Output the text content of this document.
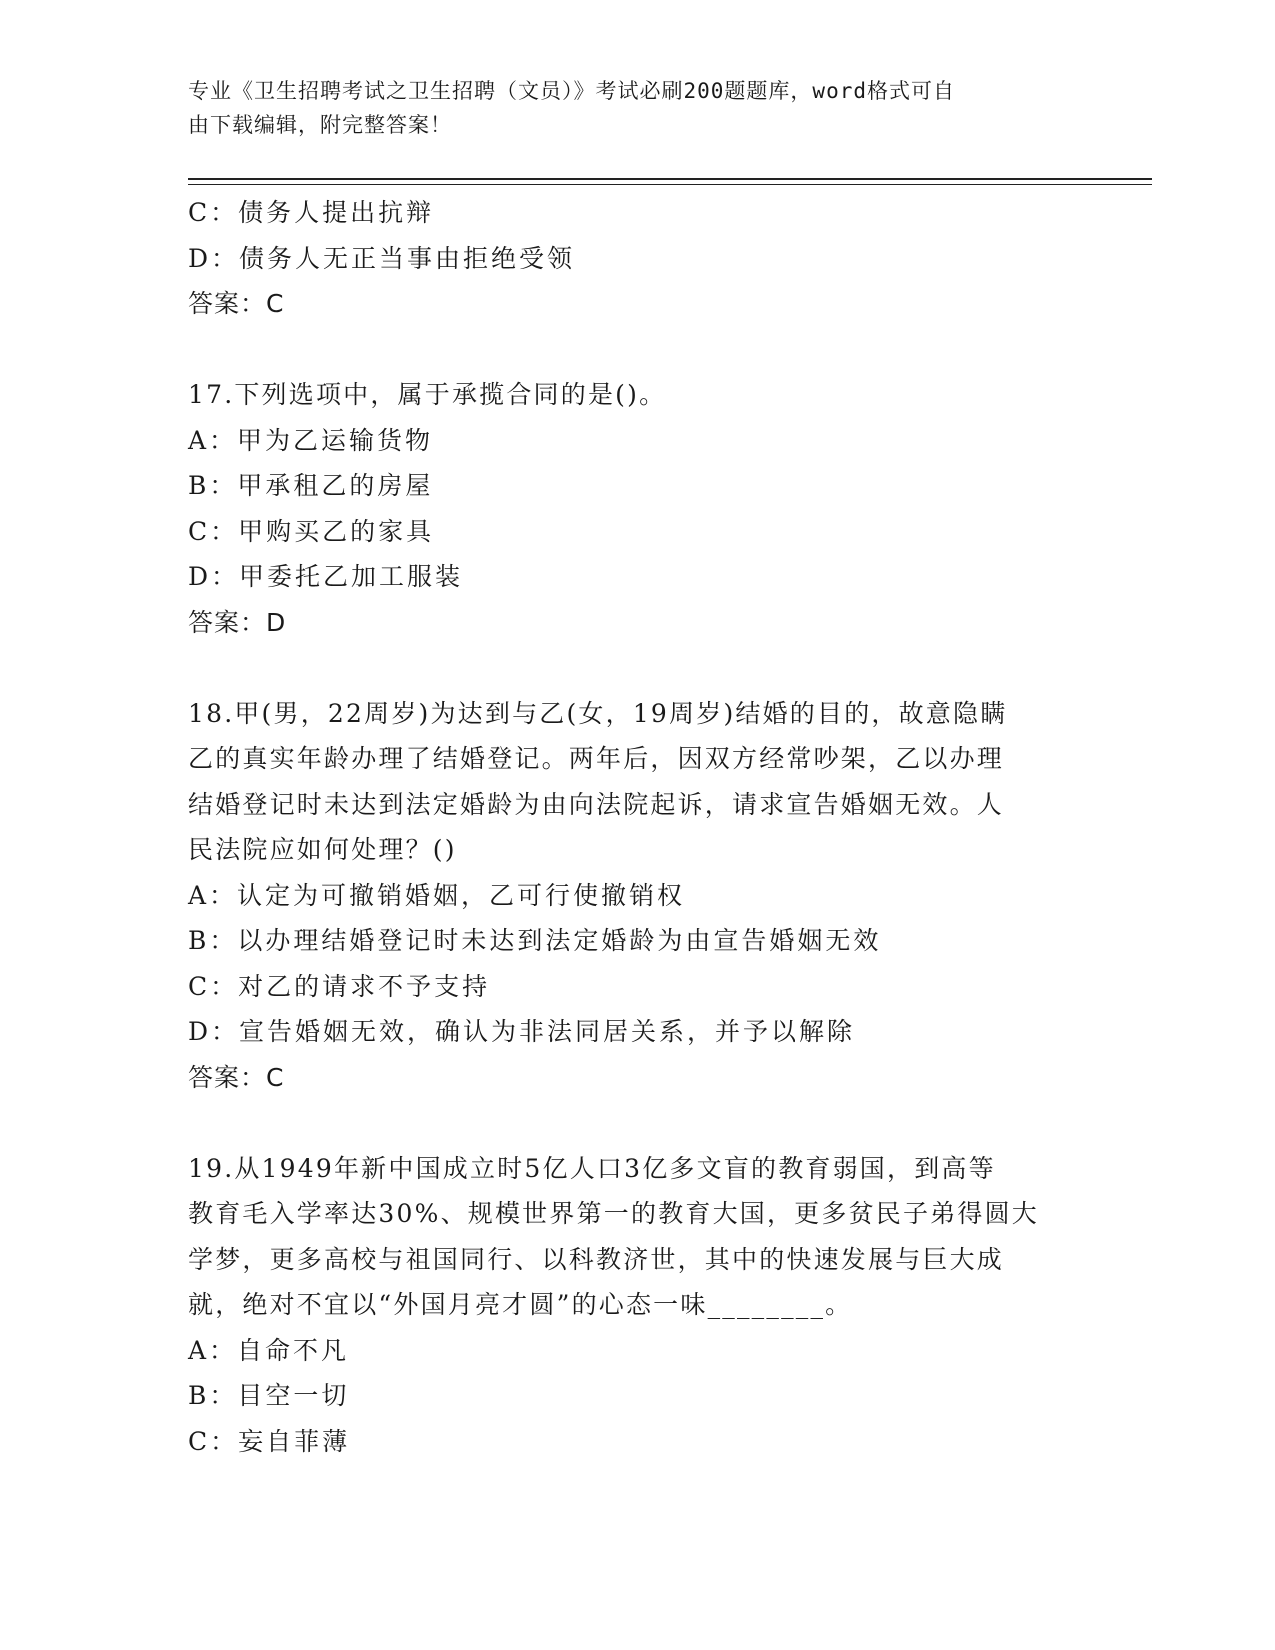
专业《卫生招聘考试之卫生招聘（文员）》考试必刷200题题库，word格式可自
由下载编辑，附完整答案！
C：债务人提出抗辩
D：债务人无正当事由拒绝受领
答案：C
17.下列选项中，属于承揽合同的是()。
A：甲为乙运输货物
B：甲承租乙的房屋
C：甲购买乙的家具
D：甲委托乙加工服装
答案：D
18.甲(男，22周岁)为达到与乙(女，19周岁)结婚的目的，故意隐瞒
乙的真实年龄办理了结婚登记。两年后，因双方经常吵架，乙以办理
结婚登记时未达到法定婚龄为由向法院起诉，请求宣告婚姻无效。人
民法院应如何处理？()
A：认定为可撤销婚姻，乙可行使撤销权
B：以办理结婚登记时未达到法定婚龄为由宣告婚姻无效
C：对乙的请求不予支持
D：宣告婚姻无效，确认为非法同居关系，并予以解除
答案：C
19.从1949年新中国成立时5亿人口3亿多文盲的教育弱国，到高等
教育毛入学率达30%、规模世界第一的教育大国，更多贫民子弟得圆大
学梦，更多高校与祖国同行、以科教济世，其中的快速发展与巨大成
就，绝对不宜以“外国月亮才圆”的心态一味________。
A：自命不凡
B：目空一切
C：妄自菲薄
